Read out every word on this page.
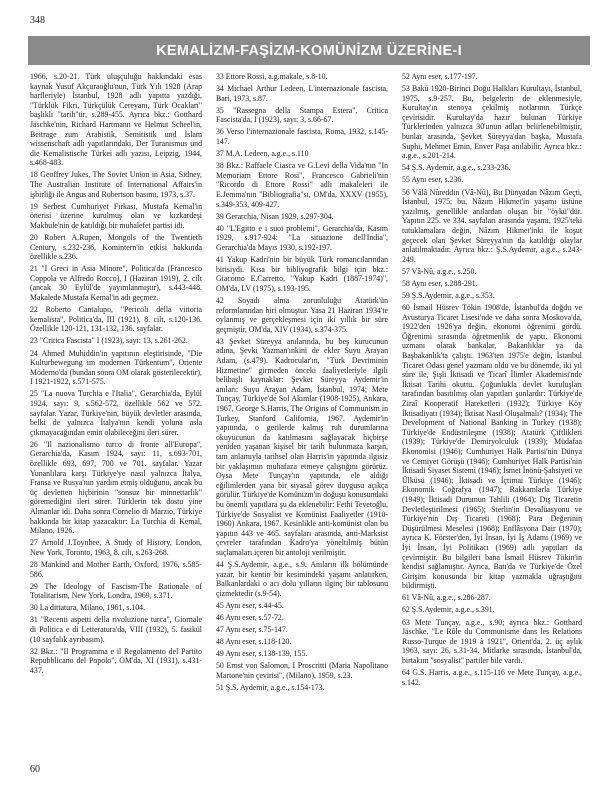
348
KEMALİZM-FAŞİZM-KOMÜNİZM ÜZERİNE-I

1966, s.20-21. Türk uluşçuluğu hakkındaki esas kaynak Yusuf Akçuraoğlu'nun, Türk Yılı 1928 (Arap harfleriyle) İstanbul, 1928 adlı yapıtta yazdığı, "Türklük Fikri, Türkçülük Cereyanı, Türk Ocakları" başlıklı "tarih"tir, s.289-455. Ayrıca bkz.: Gotthard Jäschke'nin, Richard Hartmann ve Helmut Scheel'in, Beitrage zum Arabistik, Semitistik und İslam wissenschaft adlı yapıtlarındaki, Der Turanismus und die Kemalistische Türkei adlı yazısı, Leipzig, 1944, s.468-483.

18 Geoffrey Jukes, The Soviet Union in Asia, Sidney, The Australian Institute of International Affairs'in işbirliği ile Angus and Robertson basımı, 1973, s.37.

19 Serbest Cumhuriyet Fırkası, Mustafa Kemal'in önerisi üzerine kurulmuş olan ve kızkardeşi Makbule'nin de katıldığı bir muhalefet partisi idi.

20 Robert A.Rupen, Mongols of the Twentieth Century, s.232-236, Komintern'in etkisi hakkında özellikle s.236.

21 "I Greci in Asia Minore", Politica'da (Francesco Coppola ve Alfredo Rocco), I (Haziran 1919), 2. cilt (ancak 30 Eylül'de yayımlanmıştır), s.443-448. Makalede Mustafa Kemal'in adı geçmez.

22 Roberto Cantalupo, "Pericoli della vittoria kemalista", Politica'da, III (1921), 8. cilt, s.120-136. Özellikle 120-121, 131-132, 136. sayfalar.

23 "Critica Fascista" I (1923), sayı: 13, s.261-262.

24 Ahmed Muhiddin'in yapıtının eleştirisinde, "Die Kulturbewegung im modernen Türkentum", Oriente Moderno'da (bundan sonra OM olarak gösterilecektir), I 1921-1922, s.571-575.

25 "La nuova Turchia e l'Italia", Gerarchia'da, Eylül 1924, sayı: 9, s.562-572, özellikle 562 ve 572. sayfalar. Yazar, Türkiye'nin, büyük devletler arasında, belki de yalnızca İtalya'nın kendi yoluna asla çıkmayacağından emin olabileceğini ileri sürer.

26 "Il nazionalismo turco di fronte all'Europa", Gerarchia'da, Kasım 1924, sayı: 11, s.693-701, özellikle 693, 697, 700 ve 701. sayfalar. Yazar Yunanlılara karşı Türkiye'ye nasıl yalnızca İtalya, Fransa ve Rusya'nın yardım etmiş olduğunu, ancak bu üç devletten hiçbirinin "sonsuz bir minnettarlık" göremediğini ileri sürer. Türklerin tek dostu yine Almanlar idi. Daha sonra Cornelio di Marzio, Türkiye hakkında bir kitap yazacaktır: La Turchia di Kemal, Milano, 1926.

27 Arnold J.Toynbee, A Study of History, London, New York, Toronto, 1963, 8. cilt, s.263-268.

28 Mankind and Mother Earth, Oxford, 1976, s.585-586.

29 The Ideology of Fascism-The Rationale of Totalitarism, New York, Londra, 1969, s.371.

30 La dittatura, Milano, 1961, s.104.

31 "Recenti aspetti della rivoluzione turca", Giornale di Politica e di Letteratura'da, VIII (1932), 5. fasikül (10 sayfalık ayrıbasım).

32 Bkz.: "Il Programma e il Regolamento del Partito Repubblicano del Popolo", OM'da, XI (1931), s.431-437.

33 Ettore Rossi, a.g.makale, s.8-10.

34 Michael Arthur Ledeen, L'internazionale fascista, Bari, 1973, s.87.

35 "Rassegna della Stampa Estera", Critica Fascista'da, I (1923), sayı: 3, s.66-67.

36 Verso l'internazionale fascista, Roma, 1932, s.145-147.

37 M.A. Ledeen, a.g.e., s.110

38 Bkz.: Raffaele Ciasca ve G.Levi della Vida'nın "In Memoriam Ettore Rosi", Francesco Gabrieli'nin "Ricordo di Ettore Rossi" adlı makaleleri ile E.Jemma'nın "Bibliografia"sı, OM'da, XXXV (1955), s.349-353, 409-427.

39 Gerarchia, Nisan 1929, s.297-304.

40 "L'Egitto e i suoi problemi", Gerarchia'da, Kasım 1929, s.917-924: "La situazione dell'India", Gerarchia'da Mayıs 1930, s.192-197.

41 Yakup Kadri'nin bir büyük Türk romancılarından birisiydi. Kısa bir bibliyografik bilgi için bkz.: Giacomo E.Carretto, "Yakup Kadri (1887-1974)", OM'da, LV (1975), s.193-195.

42 Soyadı alma zorunluluğu Atatürk'ün reformlarından biri olmuştur. Yasa 21 Haziran 1934'te oylanmış ve gerçekleşmesi için iki yıllık bir süre geçmiştir, OM'da, XIV (1934), s.374-375.

43 Şevket Süreyya anılarında, bu beş kurucunun adına, Şevki Yazman'ınkini de ekler Suyu Arayan Adam, (s.479). Kadrocular'ın, "Türk Devriminin Hizmetine" girmeden önceki faaliyetleriyle ilgili belibaşlı kaynaklar: Şevket Süreyya Aydemir'in anıları: Suyu Arayan Adam, İstanbul, 1974; Mete Tunçay, Türkiye'de Sol Akımlar (1908-1925), Ankara, 1967, George S.Harris, The Origins of Communism in Turkey, Stanford California, 1967. Aydemir'in yapıtında, o gerilerde kalmış ruh durumlarına okuyucunun da katılmasını sağlayacak hiçbirşe yeniden yaşanan kişisel bir tarih bulunmaza karşın, tam anlamıyla tarihsel olan Harris'in yapıtında ilgisiz bir yaklaşımın muhafaza etmeye çalıştığını görürüz. Oysa Mete Tunçay'ın yapıtında, ele aldığı eğilimlerden yana bir siyasal görev duygusu açıkça görülür. Türkiye'de Komünizm'in doğuşu konusundaki bu önemli yapıtlara şu da eklenebilir: Fethi Tevetoğlu, Türkiye'de Sosyalist ve Komünist Faaliyetler (1910-1960) Ankara, 1967. Kesinlikle anti-komünist olan bu yapıtın 443 ve 465. sayfaları arasında, anti-Marksist çevreler tarafından Kadro'ya yöneltilmiş bütün suçlamaları içeren bir antoloji verilmiştir.

44 Ş.S.Aydemir, a.g.e., s.9. Anıların ilk bölümünde yazar, bir kentin bir kesimindeki yaşamı anlatırken, Balkanlardaki o acı dolu yılların ilginç bir tablosunu çizmektedir (s.9-54).

45 Aynı eser, s.44-45.

46 Aynı eser, s.57-72.

47 Aynı eser, s.75-147.

48 Aynı eser, s.118-120.

49 Aynı eser, s.138-139, 155.

50 Ernst von Salomon, I Proscritti (Maria Napolitano Martone'nin çevirisi", (Milano), 1959, s.23.

51 Ş.S. Aydemir, a.g.e., s.154-173.

52 Aynı eser, s.177-197.

53 Bakü 1920-Birinci Doğu Halkları Kurultayı, İstanbul, 1975, s.9-257. Bu, belgelerin de eklenmesiyle, Kurultay'ın stenoya çekilmiş notlarının Türkçe çevirisidir. Kurultay'da hazır bulunan Türkiye Türklerinden yalnızca 30'unun adları belirlenebilmiştir, bunlar arasında, Şevket Süreyya'dan başka, Mustafa Suphi, Mehmet Emin, Enver Paşa anılabilir. Ayrıca bkz.: a.g.e., s.201-214.

54 Ş.S. Aydemir, a.g.e., s.233-236.

55 Aynı eser, s.236.

56 Vâlâ Nûreddin (Vâ-Nû), Bu Dünyadan Nâzım Geçti, İstanbul, 1975; bu, Nâzım Hikmet'in yaşamı üstüne yazılmış, genellikle anılardan oluşan bir "öykü"dür. Yapıtın 225. ve 334. sayfaları arasında yaşamı, 1925'teki tutuklamalara değin, Nâzım Hikmet'inki ile koşut geçecek olan Şevket Süreyya'nın da katıldığı olaylar anlatılmaktadır. Ayrıca bkz.: Ş.S.Aydemir, a.g.e., s.243-249.

57 Vâ-Nû, a.g.e., s.250.

58 Aynı eser, s.288-291.

59 Ş.S.Aydemir, a.g.e., s.353.

60 İsmail Hüsrev Tökin 1908'de, İstanbul'da doğdu ve Avusturya Ticaret Lisesi'nde ve daha sonra Moskova'da, 1922'den 1926'ya değin, ekonomi öğrenimi gördü. Öğrenimi sırasında öğretmenlik de yaptı. Ekonomi uzmanı olarak bankalar, Bakanlıklar ya da Başbakanlık'ta çalıştı. 1963'ten 1975'e değin, İstanbul Ticaret Odası genel yazmanı oldu ve bu dönemde, iki yıl süre ile, Şişli İktisadi ve Ticarî İlimler Akademisi'nde İktisat Tarihi okuttu. Çoğunlukla devlet kuruluşları tarafından basıtılmış olan yapıtları şunlardır: Türkiye'de Ziraî Kooperatif Hareketleri (1932); Türkiye Köy İktisadiyatı (1934); İktisat Nasıl Oluşalmalı? (1934); The Development of National Banking in Turkey (1938); Türkiye'de Endüstrileşme (1938); Atatürk Çiftlikleri (1939); Türkiye'de Demiryolculuk (1939); Müdafaa Ekonomisi (1946); Cumhuriyet Halk Partisi'nin Dünya ve Cemiyet Görüşü (1946); Cumhuriyet Halk Partisi'nin İktisadi Siyaset Sistemi (1946); İsmet İnönü-Şahsiyeti ve Ülküsü (1946); İktisadi ve İçtimai Türkiye (1946); Ekonomik Coğrafya (1947); Rakkamlarla Türkiye (1949); İktisadi Durumun Tahlili (1964); Dış Ticaretin Devletleştirilmesi (1965); Sterlin'in Devalüasyonu ve Türkiye'nin Dış Ticareti (1968); Para Değerinin Düşürülmesi Meselesi (1968); Enflâsyona Dair (1970); ayrıca K. Förster'den, İyi İnsan, İyi İş Adamı (1969) ve İyi İnsan, İyi Politikacı (1969) adlı yapıtları da çevirmiştir. Bu bilgileri bana İsmail Hüsrev Tökin'in kendisi sağlamıştır. Ayrıca, Batı'da ve Türkiye'de Özel Girişim konusunda bir kitap yazmakla uğraştığını bildirmişti.

61 Vâ-Nû, a.g.e., s.286-287.

62 Ş.S.Aydemir, a.g.e., s.391.

63 Mete Tunçay, a.g.e., s.90; ayrıca bkz.: Gotthard Jäschke, "Le Rôle du Communisme dans les Relations Russo-Turque de 1919 à 1921", Orient'da, 2. üç aylık 1963, sayı: 26, s.31-34. Mitlarke sırasında, İstanbul'da, birtakım "sosyalist" partiler bile vardı.

64 G.S. Harris, a.g.e., s.115-116 ve Mete Tunçay, a.g.e., s.142.

60
